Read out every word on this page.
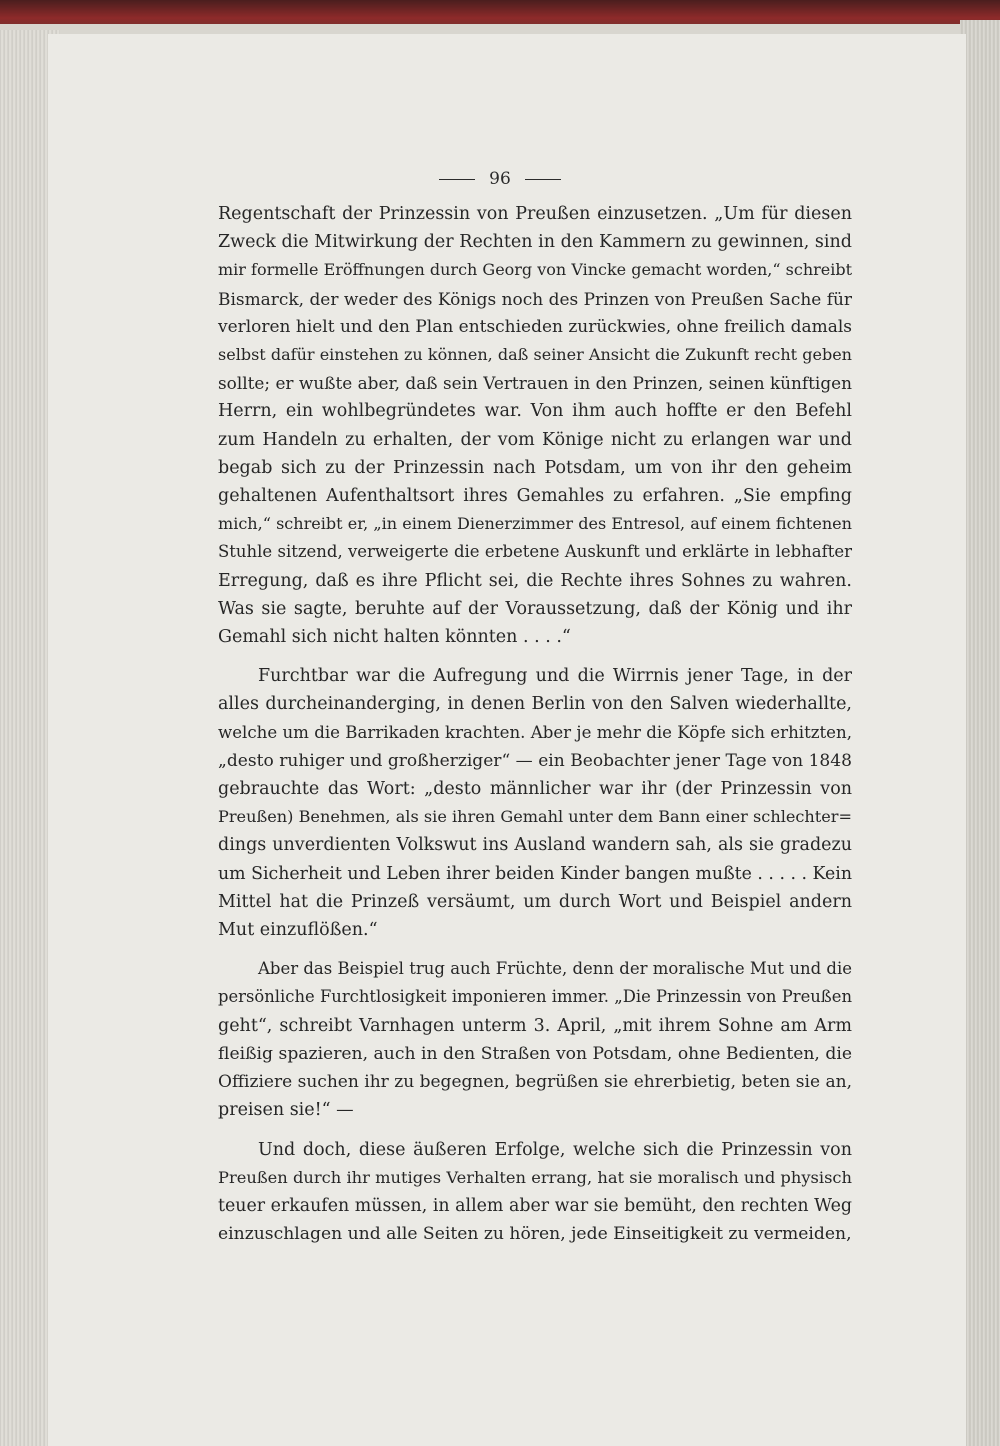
96
Regentschaft der Prinzessin von Preußen einzusetzen. „Um für diesen
Zweck die Mitwirkung der Rechten in den Kammern zu gewinnen, sind
mir formelle Eröffnungen durch Georg von Vincke gemacht worden,“ schreibt
Bismarck, der weder des Königs noch des Prinzen von Preußen Sache für
verloren hielt und den Plan entschieden zurückwies, ohne freilich damals
selbst dafür einstehen zu können, daß seiner Ansicht die Zukunft recht geben
sollte; er wußte aber, daß sein Vertrauen in den Prinzen, seinen künftigen
Herrn, ein wohlbegründetes war. Von ihm auch hoffte er den Befehl
zum Handeln zu erhalten, der vom Könige nicht zu erlangen war und
begab sich zu der Prinzessin nach Potsdam, um von ihr den geheim
gehaltenen Aufenthaltsort ihres Gemahles zu erfahren. „Sie empfing
mich,“ schreibt er, „in einem Dienerzimmer des Entresol, auf einem fichtenen
Stuhle sitzend, verweigerte die erbetene Auskunft und erklärte in lebhafter
Erregung, daß es ihre Pflicht sei, die Rechte ihres Sohnes zu wahren.
Was sie sagte, beruhte auf der Voraussetzung, daß der König und ihr
Gemahl sich nicht halten könnten . . . .“
Furchtbar war die Aufregung und die Wirrnis jener Tage, in der
alles durcheinanderging, in denen Berlin von den Salven wiederhallte,
welche um die Barrikaden krachten. Aber je mehr die Köpfe sich erhitzten,
„desto ruhiger und großherziger“ — ein Beobachter jener Tage von 1848
gebrauchte das Wort: „desto männlicher war ihr (der Prinzessin von
Preußen) Benehmen, als sie ihren Gemahl unter dem Bann einer schlechter=
dings unverdienten Volkswut ins Ausland wandern sah, als sie gradezu
um Sicherheit und Leben ihrer beiden Kinder bangen mußte . . . . . Kein
Mittel hat die Prinzeß versäumt, um durch Wort und Beispiel andern
Mut einzuflößen.“
Aber das Beispiel trug auch Früchte, denn der moralische Mut und die
persönliche Furchtlosigkeit imponieren immer. „Die Prinzessin von Preußen
geht“, schreibt Varnhagen unterm 3. April, „mit ihrem Sohne am Arm
fleißig spazieren, auch in den Straßen von Potsdam, ohne Bedienten, die
Offiziere suchen ihr zu begegnen, begrüßen sie ehrerbietig, beten sie an,
preisen sie!“ —
Und doch, diese äußeren Erfolge, welche sich die Prinzessin von
Preußen durch ihr mutiges Verhalten errang, hat sie moralisch und physisch
teuer erkaufen müssen, in allem aber war sie bemüht, den rechten Weg
einzuschlagen und alle Seiten zu hören, jede Einseitigkeit zu vermeiden,
